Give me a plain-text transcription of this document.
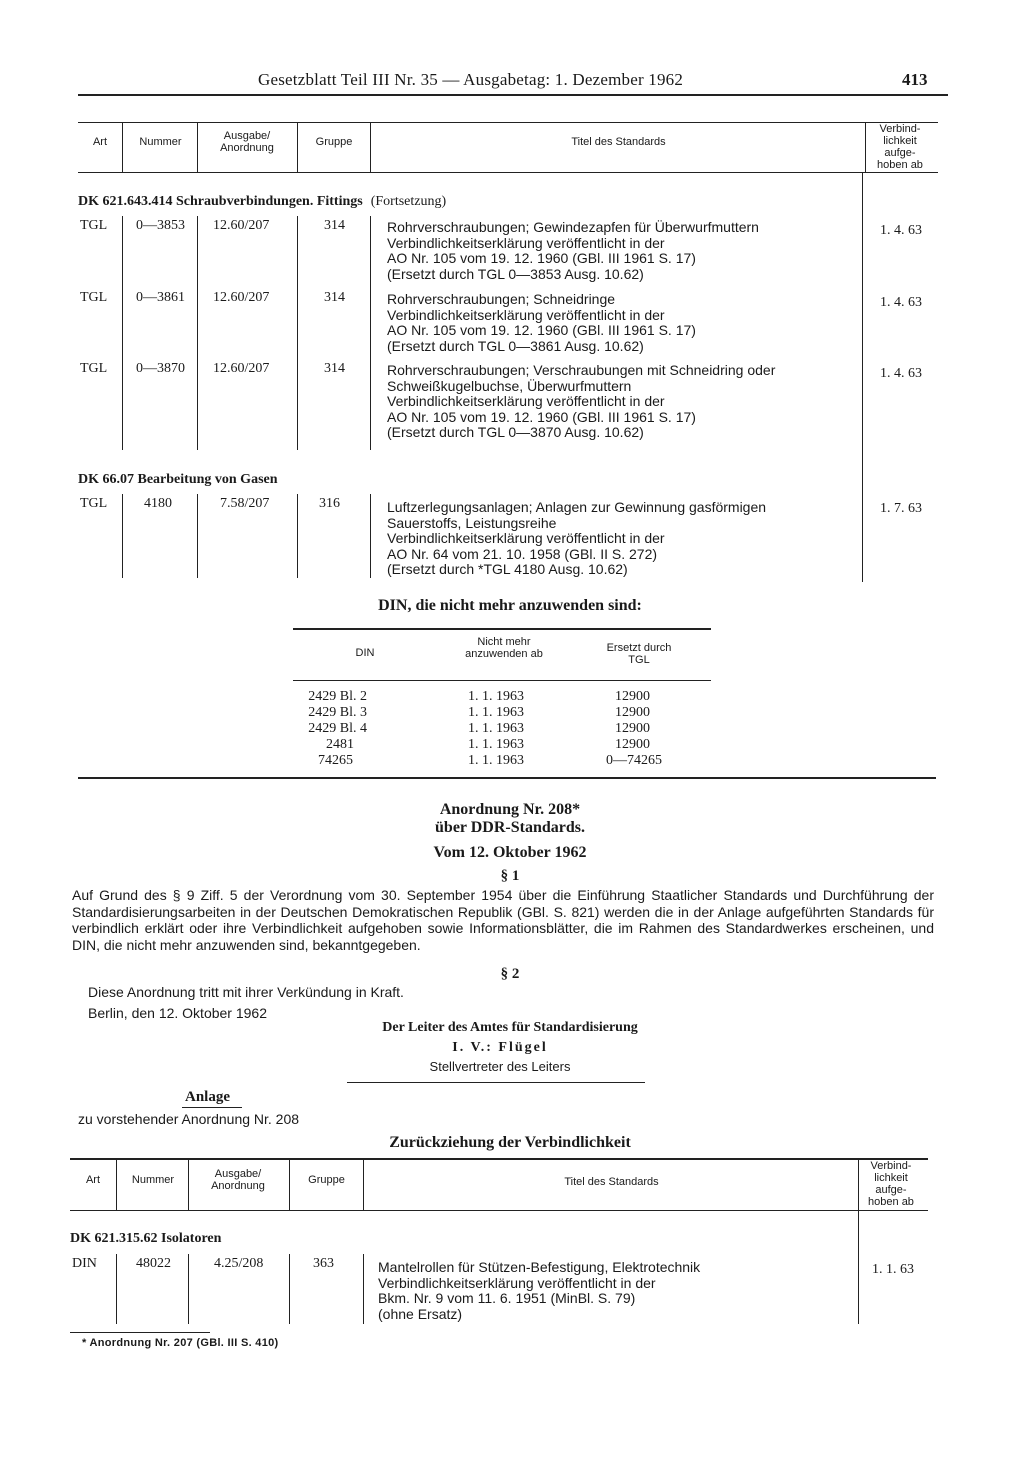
Gesetzblatt Teil III Nr. 35 — Ausgabetag: 1. Dezember 1962	413
Art	Nummer	Ausgabe/ Anordnung	Gruppe	Titel des Standards
Verbind- lichkeit aufge- hoben ab
DK 621.643.414 Schraubverbindungen. Fittings (Fortsetzung)
TGL 0—3853 12.60/207	314	Rohrverschraubungen; Gewindezapfen für Überwurfmuttern
Verbindlichkeitserklärung veröffentlicht in der
AO Nr. 105 vom 19. 12. 1960 (GBl. III 1961 S. 17)
(Ersetzt durch TGL 0—3853 Ausg. 10.62)
1. 4. 63
TGL 0—3861 12.60/207	314	Rohrverschraubungen; Schneidringe
Verbindlichkeitserklärung veröffentlicht in der
AO Nr. 105 vom 19. 12. 1960 (GBl. III 1961 S. 17)
(Ersetzt durch TGL 0—3861 Ausg. 10.62)
1. 4. 63
TGL 0—3870 12.60/207	314	Rohrverschraubungen; Verschraubungen mit Schneidring oder
Schweißkugelbuchse, Überwurfmuttern
Verbindlichkeitserklärung veröffentlicht in der
AO Nr. 105 vom 19. 12. 1960 (GBl. III 1961 S. 17)
(Ersetzt durch TGL 0—3870 Ausg. 10.62)
1. 4. 63
DK 66.07 Bearbeitung von Gasen
TGL	4180	7.58/207	316	Luftzerlegungsanlagen; Anlagen zur Gewinnung gasförmigen
Sauerstoffs, Leistungsreihe
Verbindlichkeitserklärung veröffentlicht in der
AO Nr. 64 vom 21. 10. 1958 (GBl. II S. 272)
(Ersetzt durch *TGL 4180 Ausg. 10.62)
1. 7. 63
DIN, die nicht mehr anzuwenden sind:
DIN
Nicht mehr anzuwenden ab	Ersetzt durch TGL
2429 Bl. 2	1. 1. 1963	12900
2429 Bl. 3	1. 1. 1963	12900
2429 Bl. 4	1. 1. 1963	12900
2481	1. 1. 1963	12900
74265	1. 1. 1963	0—74265
Anordnung Nr. 208*
über DDR-Standards.
Vom 12. Oktober 1962
§ 1
Auf Grund des § 9 Ziff. 5 der Verordnung vom 30. September 1954 über die Einführung Staatlicher Standards und Durchführung der Standardisierungsarbeiten in der Deutschen Demokratischen Republik (GBl. S. 821) werden die in der Anlage aufgeführten Standards für verbindlich erklärt oder ihre Verbindlichkeit aufgehoben sowie Informationsblätter, die im Rahmen des Standardwerkes erscheinen, und DIN, die nicht mehr anzuwenden sind, bekanntgegeben.
§ 2
Diese Anordnung tritt mit ihrer Verkündung in Kraft.
Berlin, den 12. Oktober 1962
Der Leiter des Amtes für Standardisierung
I. V.: Flügel
Stellvertreter des Leiters
Anlage
zu vorstehender Anordnung Nr. 208
Zurückziehung der Verbindlichkeit
Art	Nummer	Ausgabe/ Anordnung	Gruppe	Titel des Standards
Verbind- lichkeit aufge- hoben ab
DK 621.315.62 Isolatoren
DIN	48022	4.25/208	363	Mantelrollen für Stützen-Befestigung, Elektrotechnik
Verbindlichkeitserklärung veröffentlicht in der
Bkm. Nr. 9 vom 11. 6. 1951 (MinBl. S. 79)
(ohne Ersatz)
1. 1. 63
* Anordnung Nr. 207 (GBl. III S. 410)
